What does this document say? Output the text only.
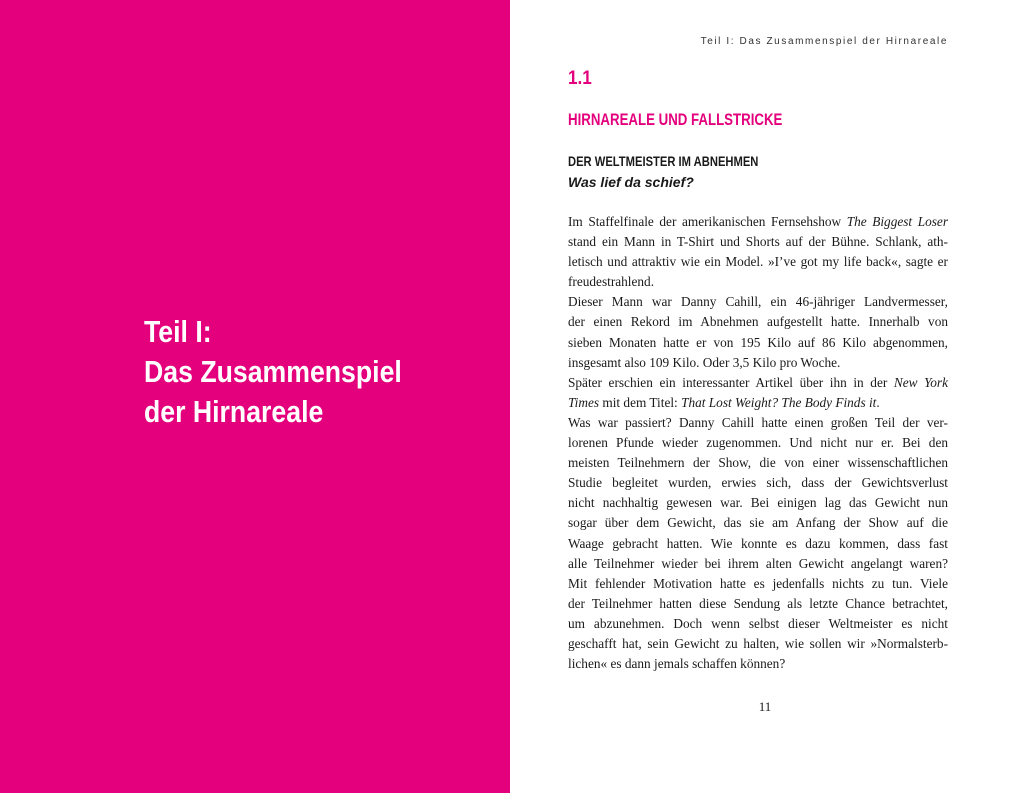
Teil I:
Das Zusammenspiel
der Hirnareale
Teil I: Das Zusammenspiel der Hirnareale
1.1
HIRNAREALE UND FALLSTRICKE
DER WELTMEISTER IM ABNEHMEN

Was lief da schief?

Im Staffelfinale der amerikanischen Fernsehshow The Biggest Loser
stand ein Mann in T-Shirt und Shorts auf der Bühne. Schlank, ath-
letisch und attraktiv wie ein Model. »I’ve got my life back«, sagte er
freudestrahlend.
Dieser Mann war Danny Cahill, ein 46-jähriger Landvermesser,
der einen Rekord im Abnehmen aufgestellt hatte. Innerhalb von
sieben Monaten hatte er von 195 Kilo auf 86 Kilo abgenommen,
insgesamt also 109 Kilo. Oder 3,5 Kilo pro Woche.
Später erschien ein interessanter Artikel über ihn in der New York
Times mit dem Titel: That Lost Weight? The Body Finds it.
Was war passiert? Danny Cahill hatte einen großen Teil der ver-
lorenen Pfunde wieder zugenommen. Und nicht nur er. Bei den
meisten Teilnehmern der Show, die von einer wissenschaftlichen
Studie begleitet wurden, erwies sich, dass der Gewichtsverlust
nicht nachhaltig gewesen war. Bei einigen lag das Gewicht nun
sogar über dem Gewicht, das sie am Anfang der Show auf die
Waage gebracht hatten. Wie konnte es dazu kommen, dass fast
alle Teilnehmer wieder bei ihrem alten Gewicht angelangt waren?
Mit fehlender Motivation hatte es jedenfalls nichts zu tun. Viele
der Teilnehmer hatten diese Sendung als letzte Chance betrachtet,
um abzunehmen. Doch wenn selbst dieser Weltmeister es nicht
geschafft hat, sein Gewicht zu halten, wie sollen wir »Normalsterb-
lichen« es dann jemals schaffen können?
11
